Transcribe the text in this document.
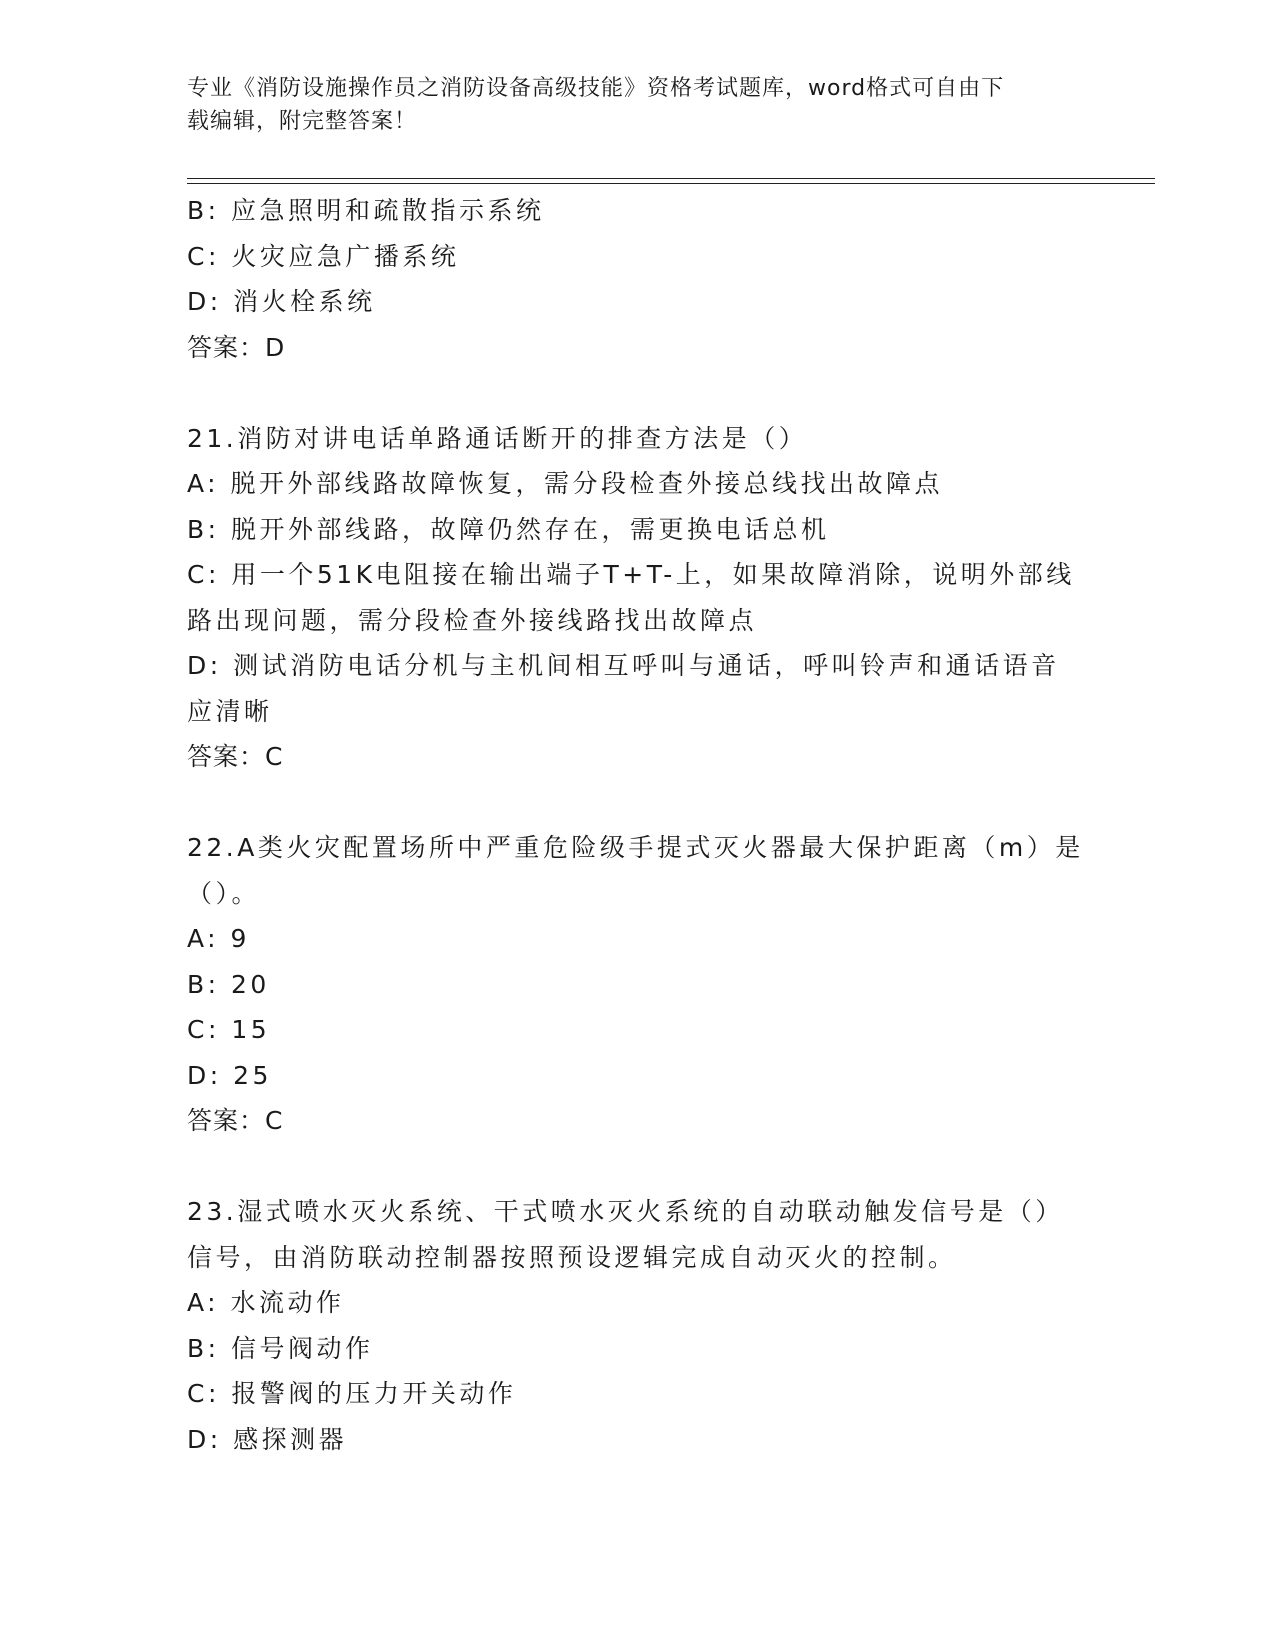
专业《消防设施操作员之消防设备高级技能》资格考试题库，word格式可自由下
载编辑，附完整答案！
B: 应急照明和疏散指示系统
C: 火灾应急广播系统
D: 消火栓系统
答案：D
21.消防对讲电话单路通话断开的排查方法是（）
A: 脱开外部线路故障恢复，需分段检查外接总线找出故障点
B: 脱开外部线路，故障仍然存在，需更换电话总机
C: 用一个51K电阻接在输出端子T+T-上，如果故障消除，说明外部线
路出现问题，需分段检查外接线路找出故障点
D: 测试消防电话分机与主机间相互呼叫与通话，呼叫铃声和通话语音
应清晰
答案：C
22.A类火灾配置场所中严重危险级手提式灭火器最大保护距离（m）是
（）。
A: 9
B: 20
C: 15
D: 25
答案：C
23.湿式喷水灭火系统、干式喷水灭火系统的自动联动触发信号是（）
信号，由消防联动控制器按照预设逻辑完成自动灭火的控制。
A: 水流动作
B: 信号阀动作
C: 报警阀的压力开关动作
D: 感探测器
